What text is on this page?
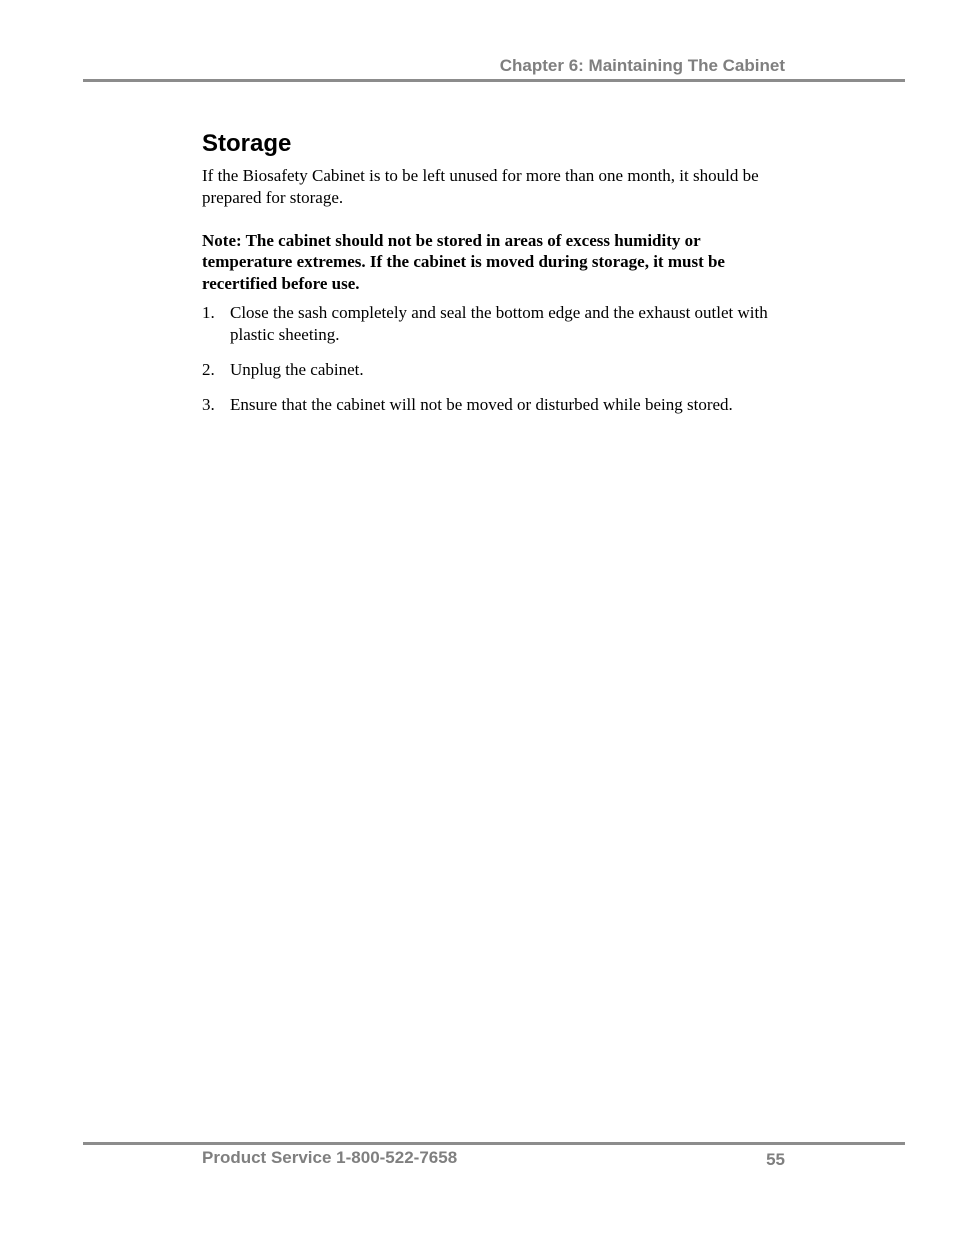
Chapter 6: Maintaining The Cabinet
Storage

If the Biosafety Cabinet is to be left unused for more than one month, it should be prepared for storage.

Note: The cabinet should not be stored in areas of excess humidity or temperature extremes. If the cabinet is moved during storage, it must be recertified before use.

1. Close the sash completely and seal the bottom edge and the exhaust outlet with plastic sheeting.
2. Unplug the cabinet.
3. Ensure that the cabinet will not be moved or disturbed while being stored.
Product Service 1-800-522-7658	55
